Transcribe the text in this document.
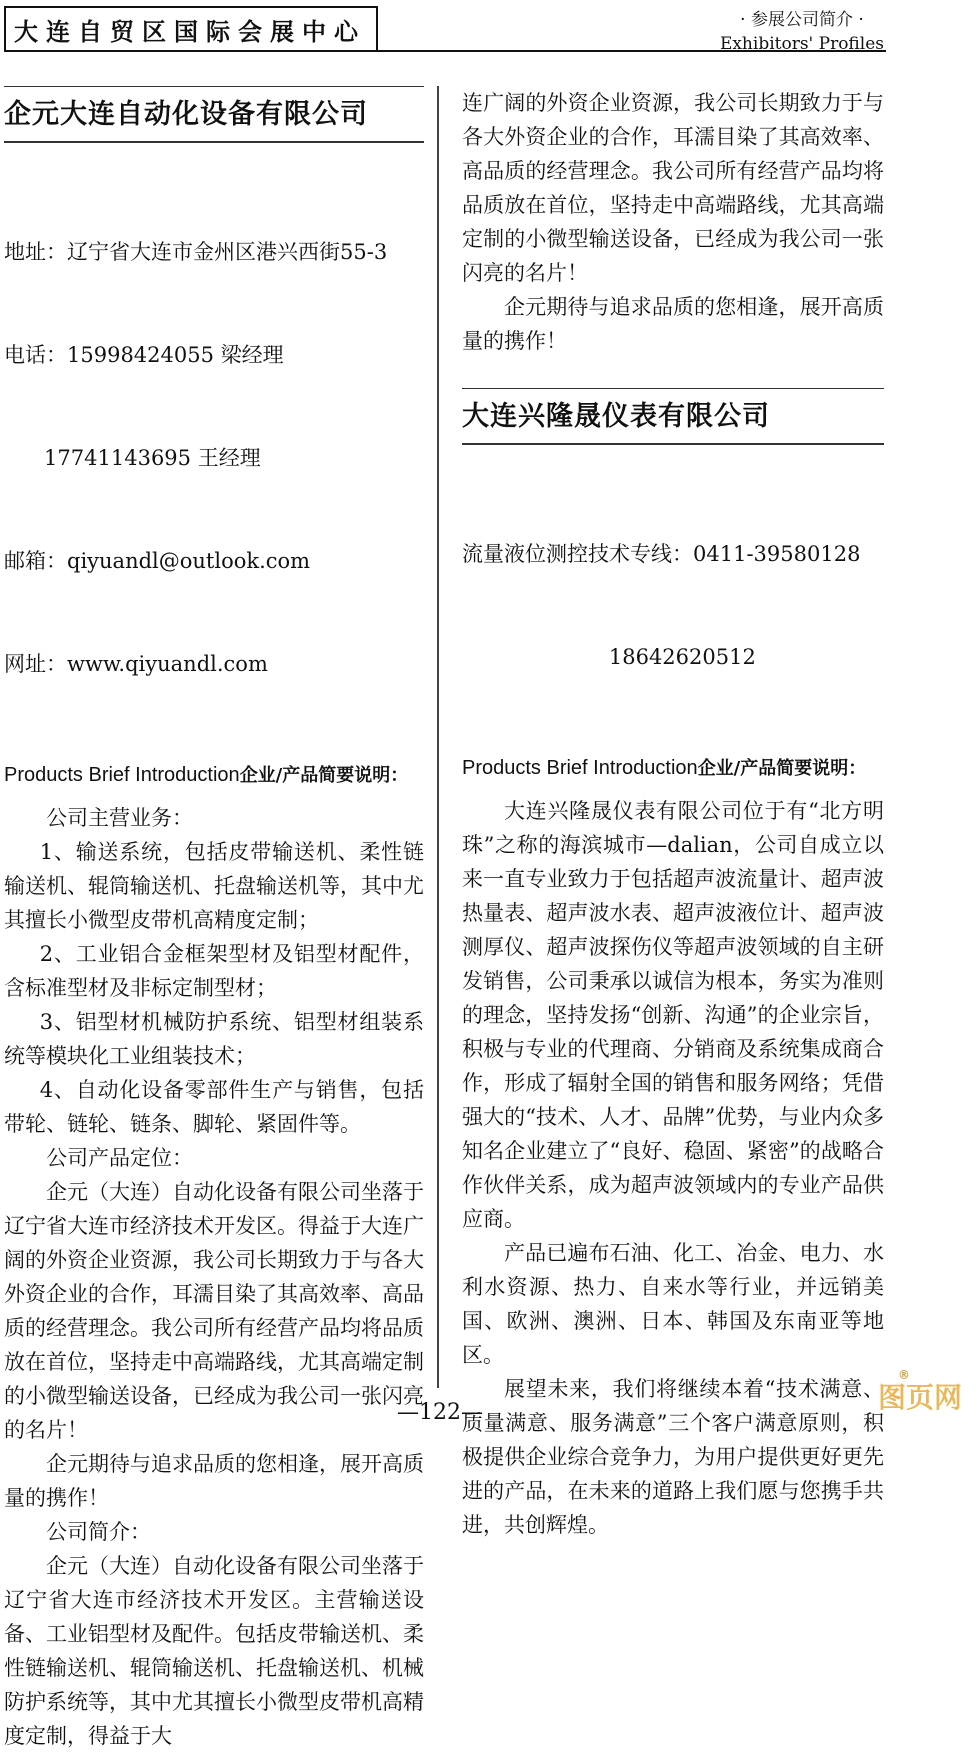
大连自贸区国际会展中心	· 参展公司简介 ·
Exhibitors' Profiles
企元大连自动化设备有限公司

地址：辽宁省大连市金州区港兴西街55-3

电话：15998424055 梁经理

17741143695 王经理

邮箱：qiyuandl@outlook.com

网址：www.qiyuandl.com

Products Brief Introduction企业/产品简要说明：

公司主营业务：

1、输送系统，包括皮带输送机、柔性链输送机、辊筒输送机、托盘输送机等，其中尤其擅长小微型皮带机高精度定制；

2、工业铝合金框架型材及铝型材配件，含标准型材及非标定制型材；

3、铝型材机械防护系统、铝型材组装系统等模块化工业组装技术；

4、自动化设备零部件生产与销售，包括带轮、链轮、链条、脚轮、紧固件等。

公司产品定位：

企元（大连）自动化设备有限公司坐落于辽宁省大连市经济技术开发区。得益于大连广阔的外资企业资源，我公司长期致力于与各大外资企业的合作，耳濡目染了其高效率、高品质的经营理念。我公司所有经营产品均将品质放在首位，坚持走中高端路线，尤其高端定制的小微型输送设备，已经成为我公司一张闪亮的名片！

企元期待与追求品质的您相逢，展开高质量的携作！

公司简介：

企元（大连）自动化设备有限公司坐落于辽宁省大连市经济技术开发区。主营输送设备、工业铝型材及配件。包括皮带输送机、柔性链输送机、辊筒输送机、托盘输送机、机械防护系统等，其中尤其擅长小微型皮带机高精度定制，得益于大

连广阔的外资企业资源，我公司长期致力于与各大外资企业的合作，耳濡目染了其高效率、高品质的经营理念。我公司所有经营产品均将品质放在首位，坚持走中高端路线，尤其高端定制的小微型输送设备，已经成为我公司一张闪亮的名片！

企元期待与追求品质的您相逢，展开高质量的携作！

大连兴隆晟仪表有限公司

流量液位测控技术专线：0411-39580128

18642620512

Products Brief Introduction企业/产品简要说明：

大连兴隆晟仪表有限公司位于有“北方明珠”之称的海滨城市—dalian，公司自成立以来一直专业致力于包括超声波流量计、超声波热量表、超声波水表、超声波液位计、超声波测厚仪、超声波探伤仪等超声波领域的自主研发销售，公司秉承以诚信为根本，务实为准则的理念，坚持发扬“创新、沟通”的企业宗旨，积极与专业的代理商、分销商及系统集成商合作，形成了辐射全国的销售和服务网络；凭借强大的“技术、人才、品牌”优势，与业内众多知名企业建立了“良好、稳固、紧密”的战略合作伙伴关系，成为超声波领域内的专业产品供应商。

产品已遍布石油、化工、冶金、电力、水利水资源、热力、自来水等行业，并远销美国、欧洲、澳洲、日本、韩国及东南亚等地区。

展望未来，我们将继续本着“技术满意、质量满意、服务满意”三个客户满意原则，积极提供企业综合竞争力，为用户提供更好更先进的产品，在未来的道路上我们愿与您携手共进，共创辉煌。

—122—	图页网
®
